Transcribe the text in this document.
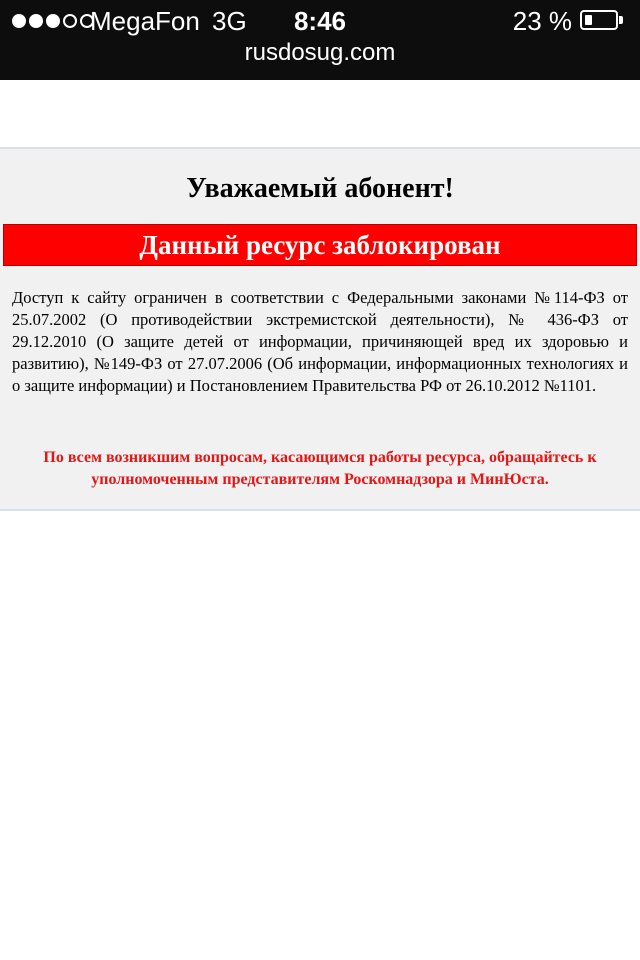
MegaFon 3G	8:46	23 %
rusdosug.com
Уважаемый абонент!
Данный ресурс заблокирован

Доступ к сайту ограничен в соответствии с Федеральными законами №114-ФЗ от 25.07.2002 (О противодействии экстремистской деятельности), № 436-ФЗ от 29.12.2010 (О защите детей от информации, причиняющей вред их здоровью и развитию), №149-ФЗ от 27.07.2006 (Об информации, информационных технологиях и о защите информации) и Постановлением Правительства РФ от 26.10.2012 №1101.

По всем возникшим вопросам, касающимся работы ресурса, обращайтесь к уполномоченным представителям Роскомнадзора и МинЮста.
